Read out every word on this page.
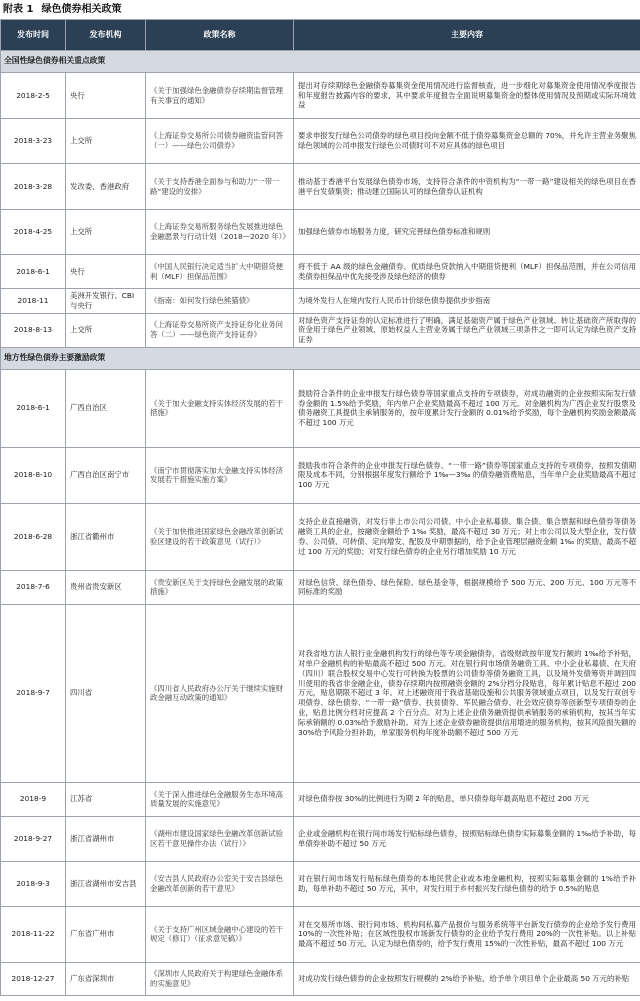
附表 1 绿色债券相关政策
发布时间	发布机构	政策名称	主要内容
全国性绿色债券相关重点政策			
2018-2-5	央行	《关于加强绿色金融债券存续期监督管理有关事宜的通知》	提出对存续期绿色金融债券募集资金使用情况进行监督核查，进一步细化对募集资金使用情况季度报告和年度报告披露内容的要求，其中要求年度报告全面说明募集资金的整体使用情况及预期或实际环境效益
2018-3-23	上交所	《上海证券交易所公司债券融资监管问答（一）——绿色公司债券》	要求申报发行绿色公司债券的绿色项目投向金额不低于债券募集资金总额的 70%，并允许主营业务聚焦绿色领域的公司申报发行绿色公司债时可不对应具体的绿色项目
2018-3-28	发改委、香港政府	《关于支持香港全面参与和助力“一带一路”建设的安排》	推动基于香港平台发展绿色债券市场，支持符合条件的中资机构为“一带一路”建设相关的绿色项目在香港平台发债集资；推动建立国际认可的绿色债券认证机构
2018-4-25	上交所	《上海证券交易所服务绿色发展推进绿色金融愿景与行动计划（2018—2020 年）》	加强绿色债券市场服务力度，研究完善绿色债券标准和规则
2018-6-1	央行	《中国人民银行决定适当扩大中期借贷便利（MLF）担保品范围》	将不低于 AA 级的绿色金融债券、优质绿色贷款纳入中期借贷便利（MLF）担保品范围，并在公司信用类债券担保品中优先接受涉及绿色经济的债券
2018-11	美洲开发银行、CBI 与央行	《指南：如何发行绿色熊猫债》	为境外发行人在境内发行人民币计价绿色债券提供步步指南
2018-8-13	上交所	《上海证券交易所资产支持证券化业务问答（二）——绿色资产支持证券》	对绿色资产支持证券的认定标准进行了明确，满足基础资产属于绿色产业领域、转让基础资产所取得的资金用于绿色产业领域、原始权益人主营业务属于绿色产业领域三项条件之一即可认定为绿色资产支持证券
地方性绿色债券主要激励政策			
2018-6-1	广西自治区	《关于加大金融支持实体经济发展的若干措施》	鼓励符合条件的企业申报发行绿色债券等国家重点支持的专项债券，对成功融资的企业按照实际发行债券金额的 1.5%给予奖励，年内单户企业奖励最高不超过 100 万元。对金融机构为广西企业发行股票及债务融资工具提供主承销服务的，按年度累计发行金额的 0.01%给予奖励，每个金融机构奖励金额最高不超过 100 万元
2018-8-10	广西自治区南宁市	《南宁市贯彻落实加大金融支持实体经济发展若干措施实施方案》	鼓励我市符合条件的企业申报发行绿色债券、“一带一路”债券等国家重点支持的专项债券，按照发债期限及成本不同，分别根据年度发行额给予 1‰—3‰ 的债券融资费贴息，当年单户企业奖励最高不超过 100 万元
2018-6-28	浙江省衢州市	《关于加快推进国家绿色金融改革创新试验区建设的若干政策意见（试行）》	支持企业直接融资，对发行非上市公司公司债、中小企业私募债、集合债、集合票据和绿色债券等债务融资工具的企业，按融资金额给予 1‰ 奖励，最高不超过 30 万元；对上市公司以及大型企业，发行债券、公司债、可转债、定向增发、配股及中期票据的，给予企业管理层融资金额 1‰ 的奖励，最高不超过 100 万元的奖励；对发行绿色债券的企业另行增加奖励 10 万元
2018-7-6	贵州省贵安新区	《贵安新区关于支持绿色金融发展的政策措施》	对绿色信贷、绿色债券、绿色保险、绿色基金等，根据规模给予 500 万元、200 万元、100 万元等不同标准的奖励
2018-9-7	四川省	《四川省人民政府办公厅关于继续实施财政金融互动政策的通知》	对我省地方法人银行业金融机构发行的绿色等专项金融债券，省级财政按年度发行额的 1‰给予补贴，对单户金融机构的补贴最高不超过 500 万元。对在银行间市场债务融资工具、中小企业私募债、在天府（四川）联合股权交易中心发行可转换为股票的公司债券等债务融资工具，以及境外发债筹资并调回四川使用的我省非金融企业，债券存续期内按照融资金额的 2%分档分段贴息，每年累计贴息不超过 200 万元，贴息期限不超过 3 年。对上述融资用于我省基础设施和公共服务领域重点项目，以及发行双创专项债券、绿色债券、“一带一路”债券、扶贫债券、军民融合债券、社会效应债券等创新型专项债券的企业，贴息比例分档对应提高 2 个百分点。对为上述企业债务融资提供承销服务的承销机构，按其当年实际承销额的 0.03%给予激励补助。对为上述企业债券融资提供信用增进的服务机构，按其风险损失额的 30%给予风险分担补助，单家服务机构年度补助额不超过 500 万元
2018-9	江苏省	《关于深入推进绿色金融服务生态环境高质量发展的实施意见》	对绿色债券按 30%的比例进行为期 2 年的贴息，单只债券每年最高贴息不超过 200 万元
2018-9-27	浙江省湖州市	《湖州市建设国家绿色金融改革创新试验区若干意见操作办法（试行）》	企业或金融机构在银行间市场发行贴标绿色债券，按照贴标绿色债券实际募集金额的 1‰给予补助，每单债券补助不超过 50 万元
2018-9-3	浙江省湖州市安吉县	《安吉县人民政府办公室关于安吉县绿色金融改革创新的若干意见》	对在银行间市场发行贴标绿色债券的本地民营企业或本地金融机构，按照实际募集金额的 1%给予补助，每单补助不超过 50 万元，其中，对发行用于乡村振兴发行绿色债券的给予 0.5%的贴息
2018-11-22	广东省广州市	《关于支持广州区域金融中心建设的若干规定（修订）（征求意见稿）》	对在交易所市场、银行间市场、机构间私募产品报价与服务系统等平台新发行债券的企业给予发行费用 10%的一次性补贴；在区域性股权市场新发行债券的企业给予发行费用 20%的一次性补贴。以上补贴最高不超过 50 万元，认定为绿色债券的，给予发行费用 15%的一次性补贴，最高不超过 100 万元
2018-12-27	广东省深圳市	《深圳市人民政府关于构建绿色金融体系的实施意见》	对成功发行绿色债券的企业按照发行规模的 2%给予补贴，给予单个项目单个企业最高 50 万元的补贴
